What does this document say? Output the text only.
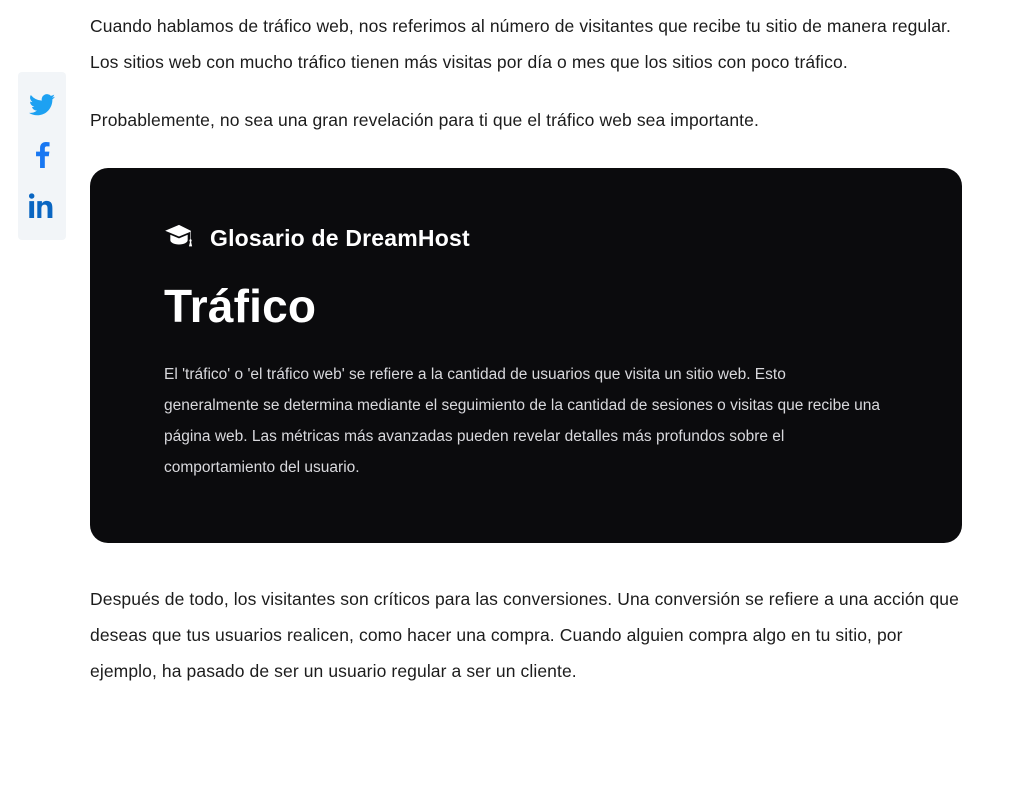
Cuando hablamos de tráfico web, nos referimos al número de visitantes que recibe tu sitio de manera regular. Los sitios web con mucho tráfico tienen más visitas por día o mes que los sitios con poco tráfico.

Probablemente, no sea una gran revelación para ti que el tráfico web sea importante.

Glosario de DreamHost
Tráfico

El 'tráfico' o 'el tráfico web' se refiere a la cantidad de usuarios que visita un sitio web. Esto generalmente se determina mediante el seguimiento de la cantidad de sesiones o visitas que recibe una página web. Las métricas más avanzadas pueden revelar detalles más profundos sobre el comportamiento del usuario.

Después de todo, los visitantes son críticos para las conversiones. Una conversión se refiere a una acción que deseas que tus usuarios realicen, como hacer una compra. Cuando alguien compra algo en tu sitio, por ejemplo, ha pasado de ser un usuario regular a ser un cliente.
